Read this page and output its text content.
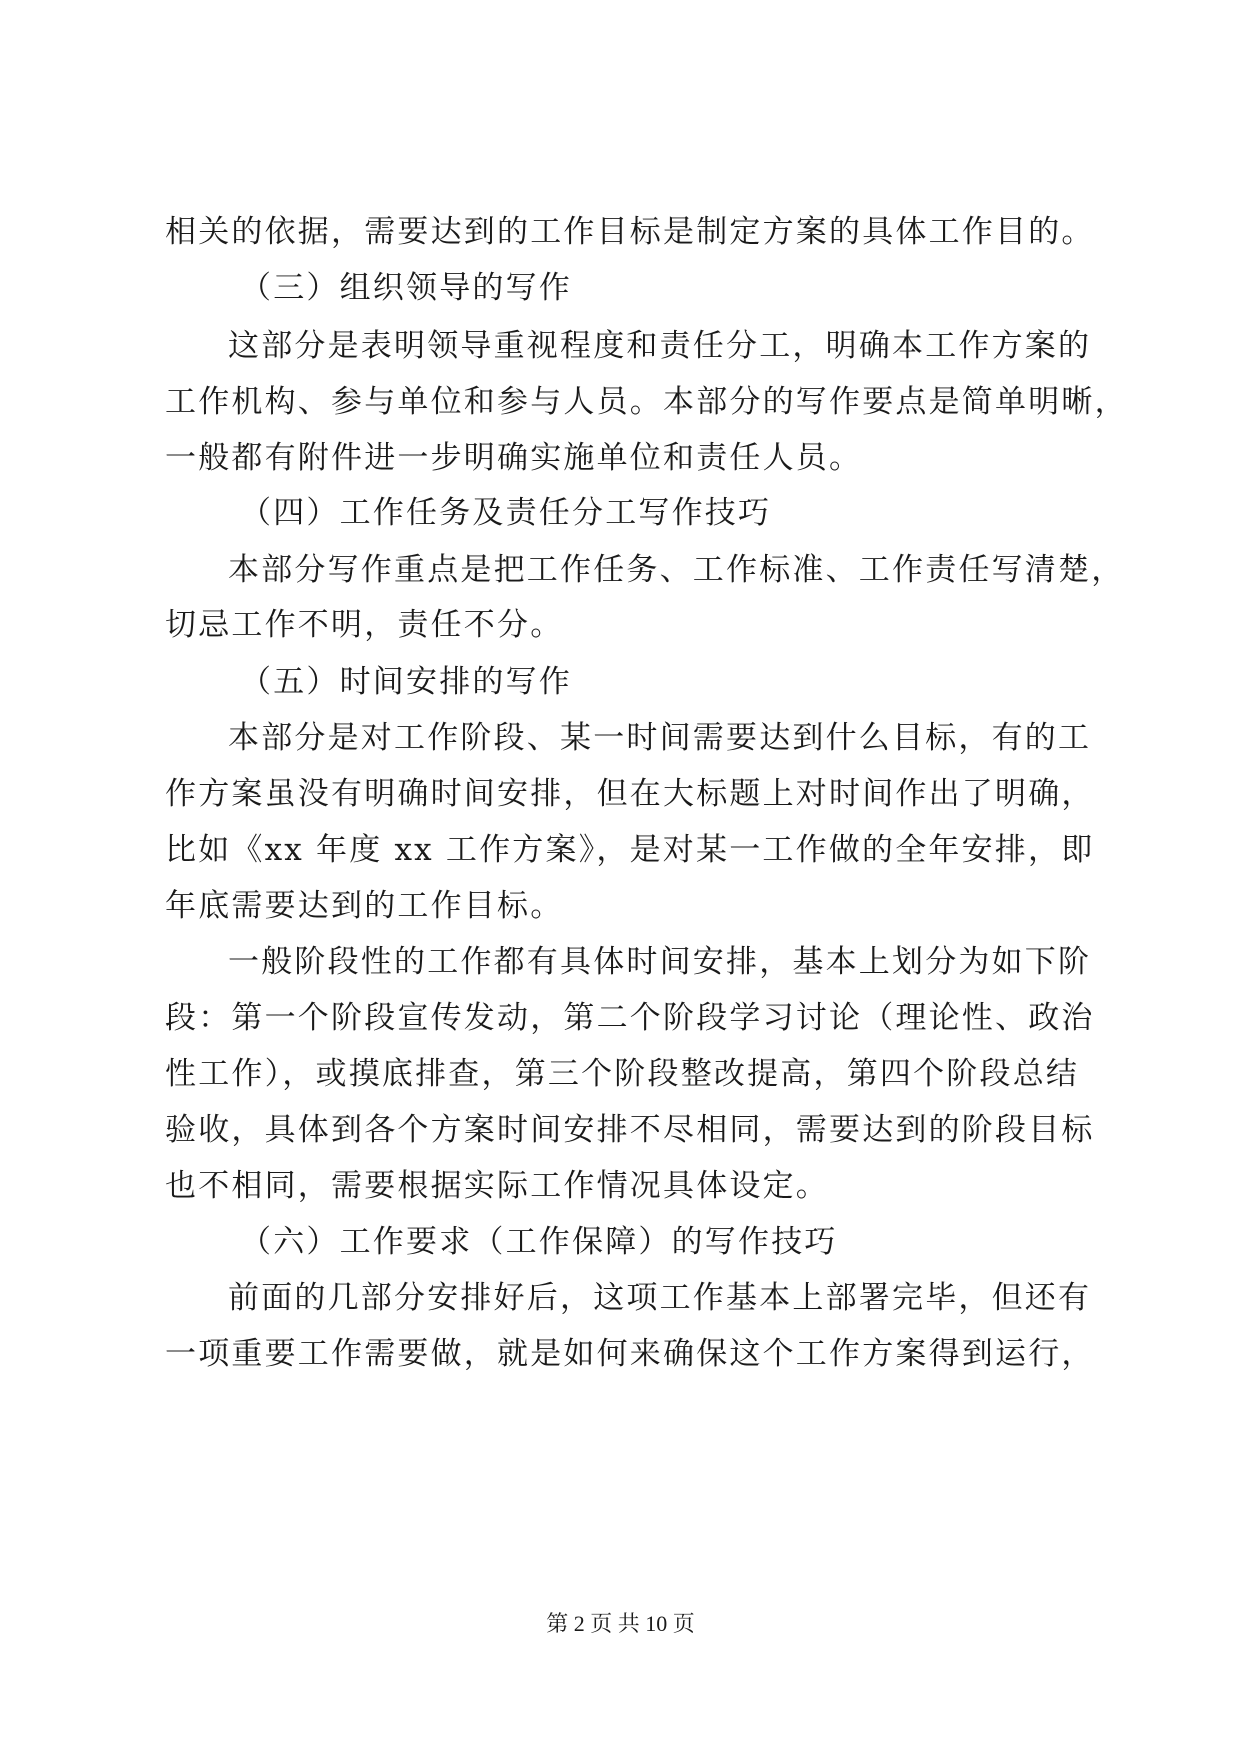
相关的依据，需要达到的工作目标是制定方案的具体工作目的。
（三）组织领导的写作
这部分是表明领导重视程度和责任分工，明确本工作方案的
工作机构、参与单位和参与人员。本部分的写作要点是简单明晰，
一般都有附件进一步明确实施单位和责任人员。
（四）工作任务及责任分工写作技巧
本部分写作重点是把工作任务、工作标准、工作责任写清楚，
切忌工作不明，责任不分。
（五）时间安排的写作
本部分是对工作阶段、某一时间需要达到什么目标，有的工
作方案虽没有明确时间安排，但在大标题上对时间作出了明确，
比如《xx 年度 xx 工作方案》，是对某一工作做的全年安排，即
年底需要达到的工作目标。
一般阶段性的工作都有具体时间安排，基本上划分为如下阶
段：第一个阶段宣传发动，第二个阶段学习讨论（理论性、政治
性工作），或摸底排查，第三个阶段整改提高，第四个阶段总结
验收，具体到各个方案时间安排不尽相同，需要达到的阶段目标
也不相同，需要根据实际工作情况具体设定。
（六）工作要求（工作保障）的写作技巧
前面的几部分安排好后，这项工作基本上部署完毕，但还有
一项重要工作需要做，就是如何来确保这个工作方案得到运行，
第 2 页 共 10 页
